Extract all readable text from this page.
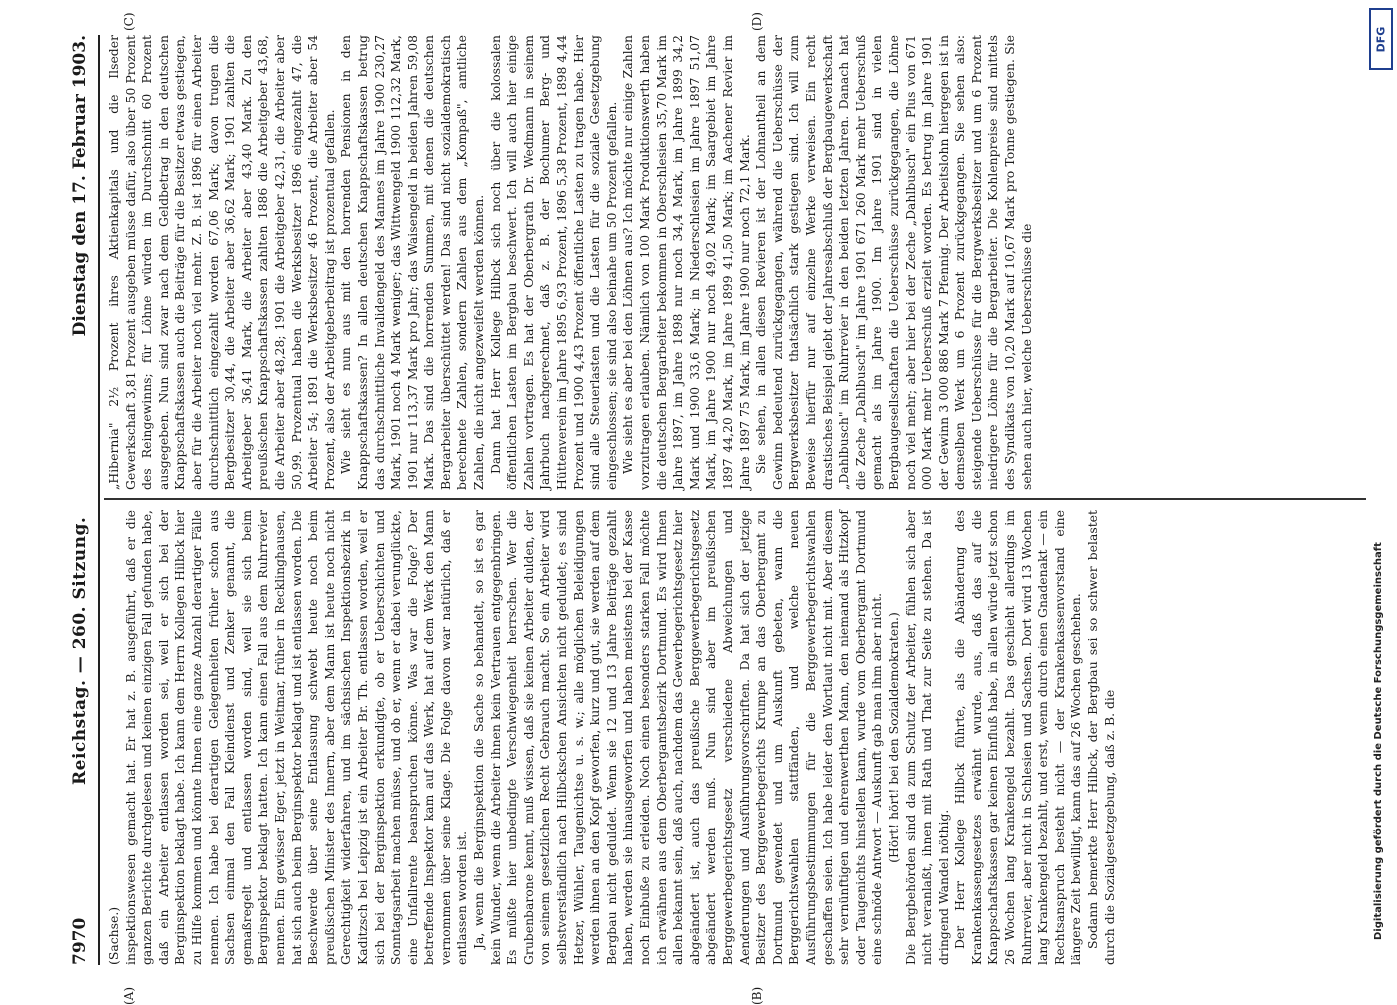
7970
Reichstag. — 260. Sitzung.
Dienstag den 17. Februar 1903.
(A)	(B)
(C)	(D)

(Sachse.) inspektionswesen gemacht hat. Er hat z. B. ausgeführt, daß er die ganzen Berichte durchgelesen und keinen einzigen Fall gefunden habe, daß ein Arbeiter entlassen worden sei, weil er sich bei der Berginspektion beklagt habe. Ich kann dem Herrn Kollegen Hilbck hier zu Hilfe kommen und könnte Ihnen eine ganze Anzahl derartiger Fälle nennen. Ich habe bei derartigen Gelegenheiten früher schon aus Sachsen einmal den Fall Kleindienst und Zenker genannt, die gemaßregelt und entlassen worden sind, weil sie sich beim Berginspektor beklagt hatten. Ich kann einen Fall aus dem Ruhrrevier nennen. Ein gewisser Eger, jetzt in Weitmar, früher in Recklinghausen, hat sich auch beim Berginspektor beklagt und ist entlassen worden. Die Beschwerde über seine Entlassung schwebt heute noch beim preußischen Minister des Innern, aber dem Mann ist heute noch nicht Gerechtigkeit widerfahren, und im sächsischen Inspektionsbezirk in Kaditzsch bei Leipzig ist ein Arbeiter Br. Th. entlassen worden, weil er sich bei der Berginspektion erkundigte, ob er Ueberschichten und Sonntagsarbeit machen müsse, und ob er, wenn er dabei verunglückte, eine Unfallrente beanspruchen könne. Was war die Folge? Der betreffende Inspektor kam auf das Werk, hat auf dem Werk den Mann vernommen über seine Klage. Die Folge davon war natürlich, daß er entlassen worden ist. Ja, wenn die Berginspektion die Sache so behandelt, so ist es gar kein Wunder, wenn die Arbeiter ihnen kein Vertrauen entgegenbringen. Es müßte hier unbedingte Verschwiegenheit herrschen. Wer die Grubenbarone kennt, muß wissen, daß sie keinen Arbeiter dulden, der von seinem gesetzlichen Recht Gebrauch macht. So ein Arbeiter wird selbstverständlich nach Hilbckschen Ansichten nicht geduldet; es sind Hetzer, Wühler, Taugenichtse u. s. w.; alle möglichen Beleidigungen werden ihnen an den Kopf geworfen, kurz und gut, sie werden auf dem Bergbau nicht geduldet. Wenn sie 12 und 13 Jahre Beiträge gezahlt haben, werden sie hinausgeworfen und haben meistens bei der Kasse noch Einbuße zu erleiden. Noch einen besonders starken Fall möchte ich erwähnen aus dem Oberbergamtsbezirk Dortmund. Es wird Ihnen allen bekannt sein, daß auch, nachdem das Gewerbegerichtsgesetz hier abgeändert ist, auch das preußische Berggewerbegerichtsgesetz abgeändert werden muß. Nun sind aber im preußischen Berggewerbegerichtsgesetz verschiedene Abweichungen und Aenderungen und Ausführungsvorschriften. Da hat sich der jetzige Besitzer des Berggewerbegerichts Krumpe an das Oberbergamt zu Dortmund gewendet und um Auskunft gebeten, wann die Berggerichtswahlen stattfänden, und welche neuen Ausführungsbestimmungen für die Berggewerbegerichtswahlen geschaffen seien. Ich habe leider den Wortlaut nicht mit. Aber diesem sehr vernünftigen und ehrenwerthen Mann, den niemand als Hitzkopf oder Taugenichts hinstellen kann, wurde vom Oberbergamt Dortmund eine schnöde Antwort — Auskunft gab man ihm aber nicht. (Hört! hört! bei den Sozialdemokraten.) Die Bergbehörden sind da zum Schutz der Arbeiter, fühlen sich aber nicht veranlaßt, ihnen mit Rath und That zur Seite zu stehen. Da ist dringend Wandel nöthig. Der Herr Kollege Hilbck führte, als die Abänderung des Krankenkassengesetzes erwähnt wurde, aus, daß das auf die Knappschaftskassen gar keinen Einfluß habe, in allen würde jetzt schon 26 Wochen lang Krankengeld bezahlt. Das geschieht allerdings im Ruhrrevier, aber nicht in Schlesien und Sachsen. Dort wird 13 Wochen lang Krankengeld bezahlt, und erst, wenn durch einen Gnadenakt — ein Rechtsanspruch besteht nicht — der Krankenkassenvorstand eine längere Zeit bewilligt, kann das auf 26 Wochen geschehen. Sodann bemerkte Herr Hilbck, der Bergbau sei so schwer belastet durch die Sozialgesetzgebung, daß z. B. die

„Hibernia" 2½ Prozent ihres Aktienkapitals und die Ilseder Gewerkschaft 3,81 Prozent ausgeben müsse dafür, also über 50 Prozent des Reingewinns; für Löhne würden im Durchschnitt 60 Prozent ausgegeben. Nun sind zwar nach dem Geldbetrag in den deutschen Knappschaftskassen auch die Beiträge für die Besitzer etwas gestiegen, aber für die Arbeiter noch viel mehr. Z. B. ist 1896 für einen Arbeiter durchschnittlich eingezahlt worden 67,06 Mark; davon trugen die Bergbesitzer 30,44, die Arbeiter aber 36,62 Mark; 1901 zahlten die Arbeitgeber 36,41 Mark, die Arbeiter aber 43,40 Mark. Zu den preußischen Knappschaftskassen zahlten 1886 die Arbeitgeber 43,68, die Arbeiter aber 48,28; 1901 die Arbeitgeber 42,31, die Arbeiter aber 50,99. Prozentual haben die Werksbesitzer 1896 eingezahlt 47, die Arbeiter 54; 1891 die Werksbesitzer 46 Prozent, die Arbeiter aber 54 Prozent, also der Arbeitgeberbeitrag ist prozentual gefallen. Wie sieht es nun aus mit den horrenden Pensionen in den Knappschaftskassen? In allen deutschen Knappschaftskassen betrug das durchschnittliche Invalidengeld des Mannes im Jahre 1900 230,27 Mark, 1901 noch 4 Mark weniger; das Wittwengeld 1900 112,32 Mark, 1901 nur 113,37 Mark pro Jahr; das Waisengeld in beiden Jahren 59,08 Mark. Das sind die horrenden Summen, mit denen die deutschen Bergarbeiter überschüttet werden! Das sind nicht sozialdemokratisch berechnete Zahlen, sondern Zahlen aus dem „Kompaß", amtliche Zahlen, die nicht angezweifelt werden können. Dann hat Herr Kollege Hilbck sich noch über die kolossalen öffentlichen Lasten im Bergbau beschwert. Ich will auch hier einige Zahlen vortragen. Es hat der Oberbergrath Dr. Wedmann in seinem Jahrbuch nachgerechnet, daß z. B. der Bochumer Berg- und Hüttenverein im Jahre 1895 6,93 Prozent, 1896 5,38 Prozent, 1898 4,44 Prozent und 1900 4,43 Prozent öffentliche Lasten zu tragen habe. Hier sind alle Steuerlasten und die Lasten für die soziale Gesetzgebung eingeschlossen; sie sind also beinahe um 50 Prozent gefallen. Wie sieht es aber bei den Löhnen aus? Ich möchte nur einige Zahlen vorzutragen erlauben. Nämlich von 100 Mark Produktionswerth haben die deutschen Bergarbeiter bekommen in Oberschlesien 35,70 Mark im Jahre 1897, im Jahre 1898 nur noch 34,4 Mark, im Jahre 1899 34,2 Mark und 1900 33,6 Mark; in Niederschlesien im Jahre 1897 51,07 Mark, im Jahre 1900 nur noch 49,02 Mark; im Saargebiet im Jahre 1897 44,20 Mark, im Jahre 1899 41,50 Mark; im Aachener Revier im Jahre 1897 75 Mark, im Jahre 1900 nur noch 72,1 Mark. Sie sehen, in allen diesen Revieren ist der Lohnantheil an dem Gewinn bedeutend zurückgegangen, während die Ueberschüsse der Bergwerksbesitzer thatsächlich stark gestiegen sind. Ich will zum Beweise hierfür nur auf einzelne Werke verweisen. Ein recht drastisches Beispiel giebt der Jahresabschluß der Bergbaugewerkschaft „Dahlbusch" im Ruhrrevier in den beiden letzten Jahren. Danach hat die Zeche „Dahlbusch" im Jahre 1901 671 260 Mark mehr Ueberschuß gemacht als im Jahre 1900. Im Jahre 1901 sind in vielen Bergbaugesellschaften die Ueberschüsse zurückgegangen, die Löhne noch viel mehr; aber hier bei der Zeche „Dahlbusch" ein Plus von 671 000 Mark mehr Ueberschuß erzielt worden. Es betrug im Jahre 1901 der Gewinn 3 000 886 Mark 7 Pfennig. Der Arbeitslohn hiergegen ist in demselben Werk um 6 Prozent zurückgegangen. Sie sehen also: steigende Ueberschüsse für die Bergwerksbesitzer und um 6 Prozent niedrigere Löhne für die Bergarbeiter. Die Kohlenpreise sind mittels des Syndikats von 10,20 Mark auf 10,67 Mark pro Tonne gestiegen. Sie sehen auch hier, welche Ueberschüsse die

DFG
Digitalisierung gefördert durch die Deutsche Forschungsgemeinschaft
